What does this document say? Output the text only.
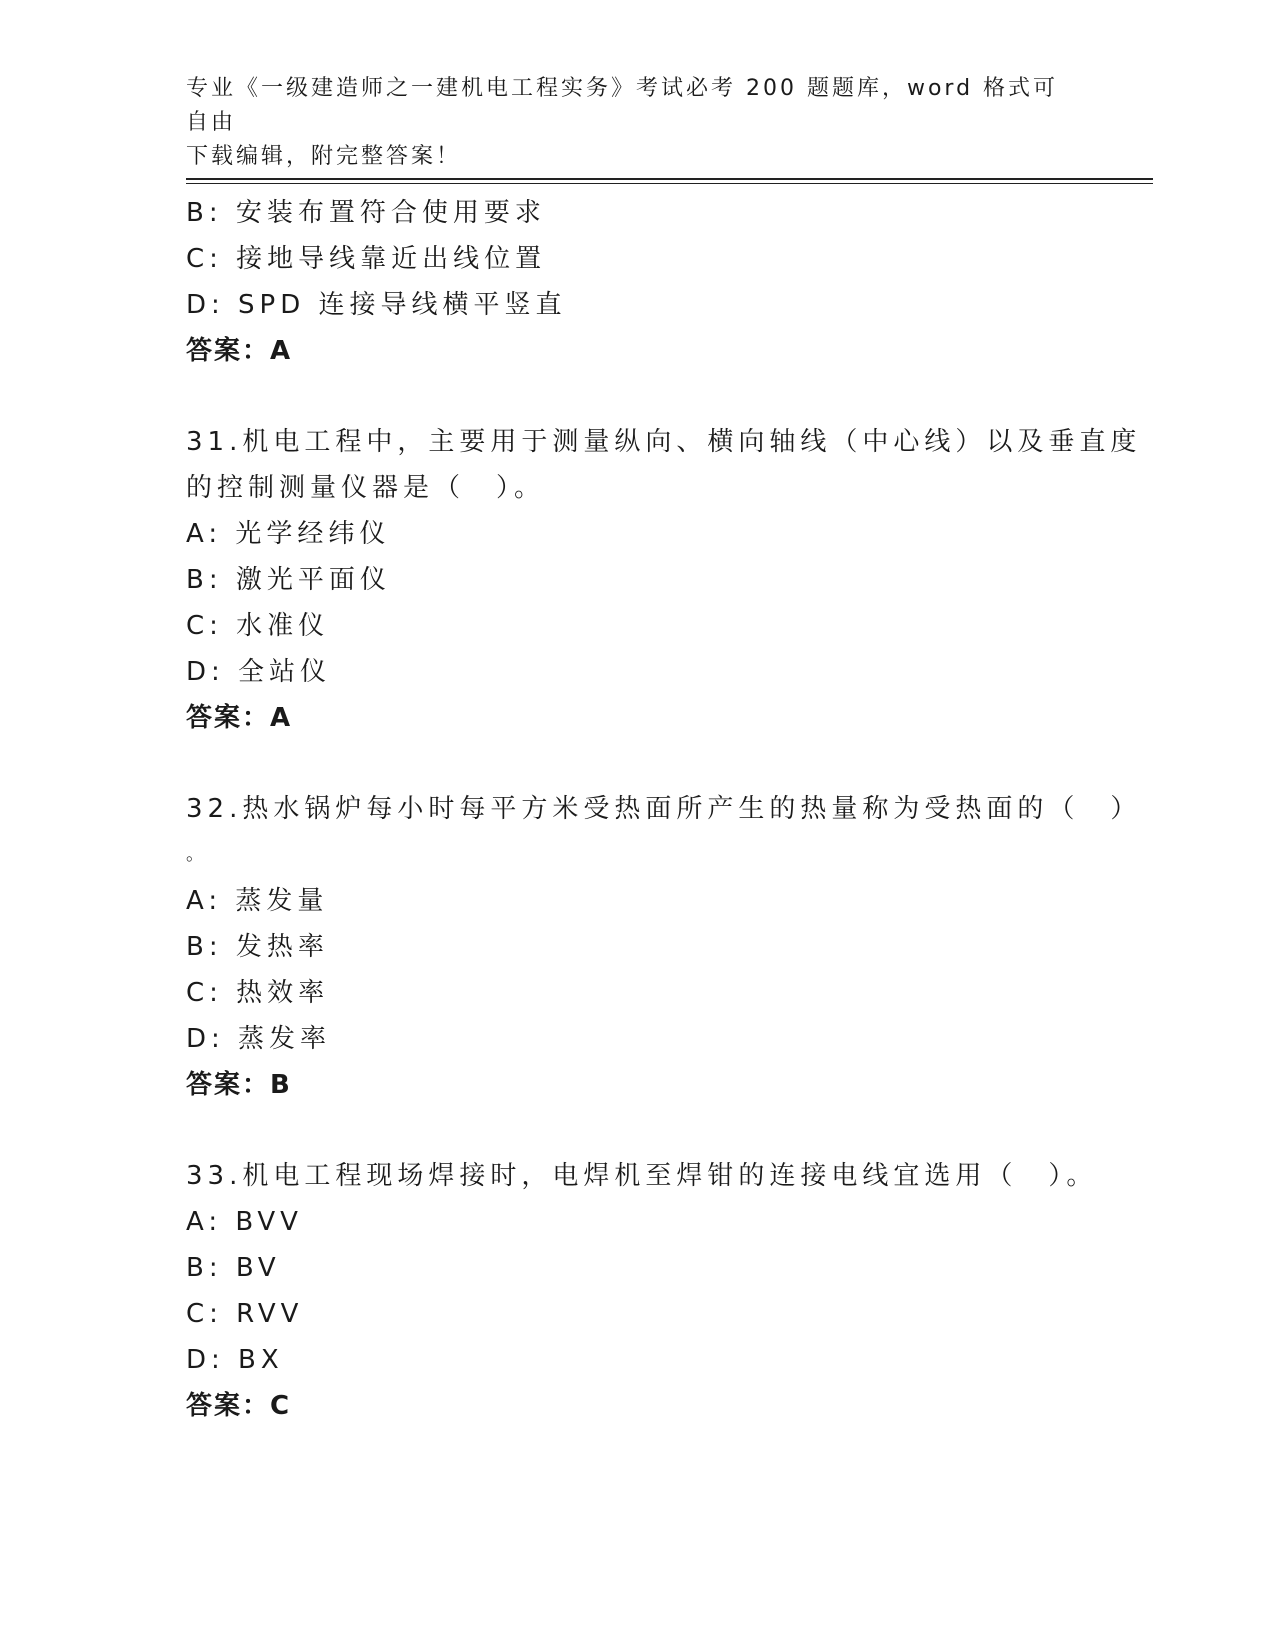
专业《一级建造师之一建机电工程实务》考试必考 200 题题库，word 格式可自由
下载编辑，附完整答案！
B: 安装布置符合使用要求
C: 接地导线靠近出线位置
D: SPD 连接导线横平竖直
答案：A
31.机电工程中，主要用于测量纵向、横向轴线（中心线）以及垂直度
的控制测量仪器是（　）。
A: 光学经纬仪
B: 激光平面仪
C: 水准仪
D: 全站仪
答案：A
32.热水锅炉每小时每平方米受热面所产生的热量称为受热面的（　）
。
A: 蒸发量
B: 发热率
C: 热效率
D: 蒸发率
答案：B
33.机电工程现场焊接时，电焊机至焊钳的连接电线宜选用（　）。
A: BVV
B: BV
C: RVV
D: BX
答案：C
